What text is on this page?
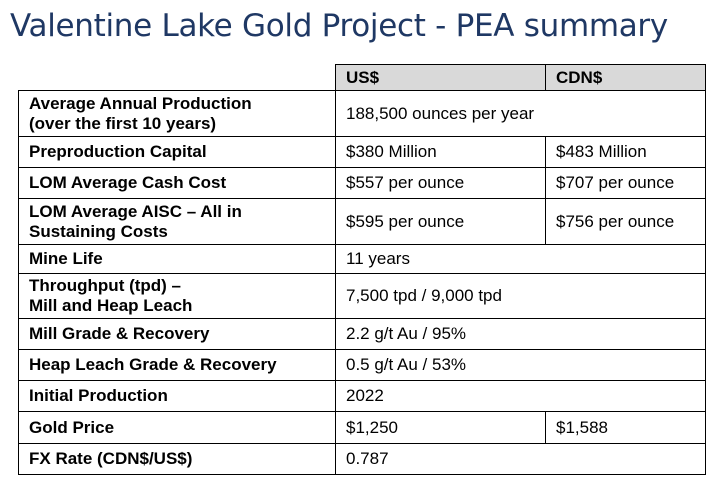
Valentine Lake Gold Project - PEA summary
	US$	CDN$

Average Annual Production
(over the first 10 years)	188,500 ounces per year	
Preproduction Capital	$380 Million	$483 Million
LOM Average Cash Cost	$557 per ounce	$707 per ounce

LOM Average AISC – All in
Sustaining Costs	$595 per ounce	$756 per ounce
Mine Life	11 years	

Throughput (tpd) –
Mill and Heap Leach	7,500 tpd / 9,000 tpd	
Mill Grade & Recovery	2.2 g/t Au / 95%	
Heap Leach Grade & Recovery	0.5 g/t Au / 53%	
Initial Production	2022	
Gold Price	$1,250	$1,588
FX Rate (CDN$/US$)	0.787	
